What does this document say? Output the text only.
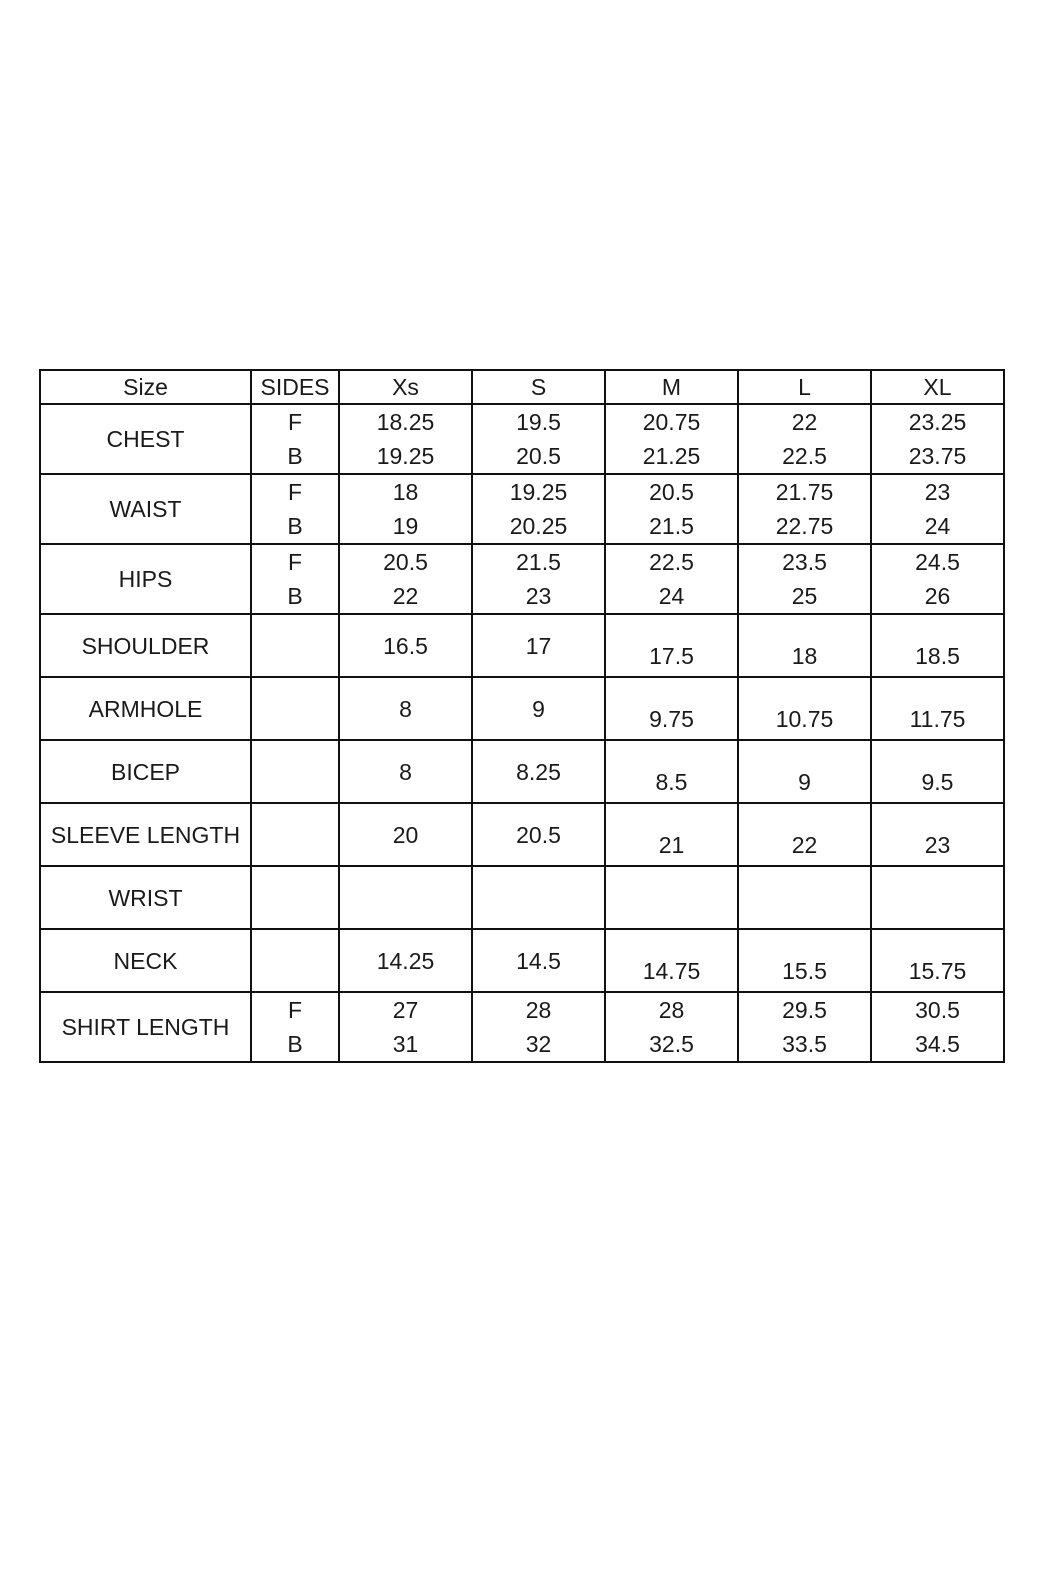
Size	SIDES	Xs	S	M	L	XL
CHEST	F	18.25	19.5	20.75	22	23.25
	B	19.25	20.5	21.25	22.5	23.75
WAIST	F	18	19.25	20.5	21.75	23
	B	19	20.25	21.5	22.75	24
HIPS	F	20.5	21.5	22.5	23.5	24.5
	B	22	23	24	25	26
SHOULDER		16.5	17	17.5	18	18.5
ARMHOLE		8	9	9.75	10.75	11.75
BICEP		8	8.25	8.5	9	9.5
SLEEVE LENGTH		20	20.5	21	22	23
WRIST						
NECK		14.25	14.5	14.75	15.5	15.75
SHIRT LENGTH	F	27	28	28	29.5	30.5
	B	31	32	32.5	33.5	34.5
